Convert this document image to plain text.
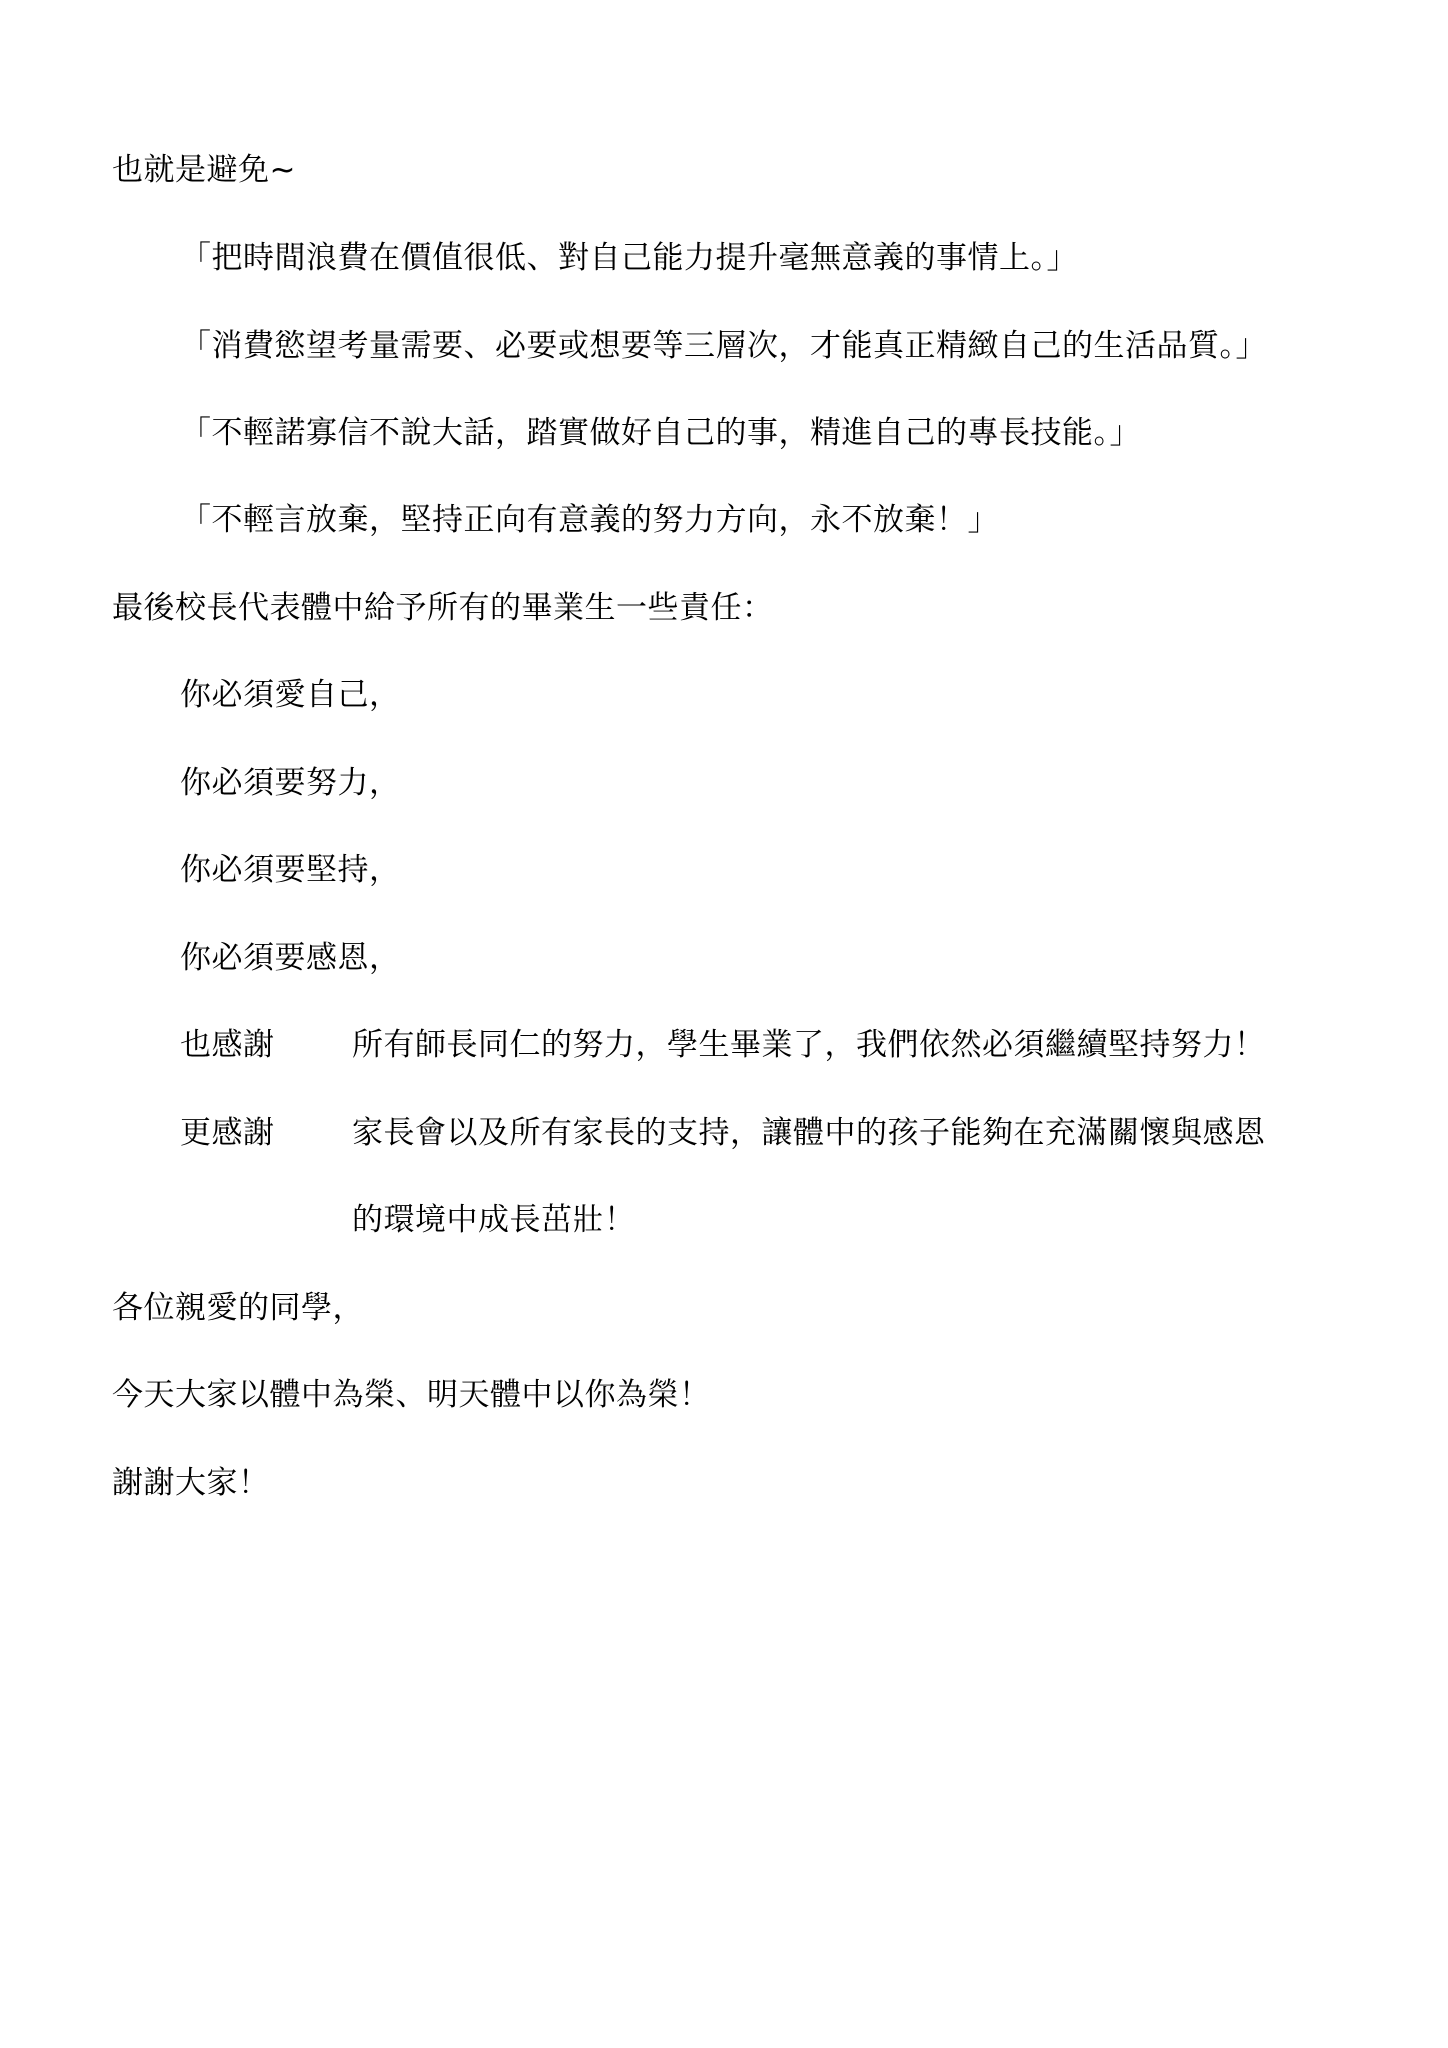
也就是避免~
「把時間浪費在價值很低、對自己能力提升毫無意義的事情上。」
「消費慾望考量需要、必要或想要等三層次，才能真正精緻自己的生活品質。」
「不輕諾寡信不說大話，踏實做好自己的事，精進自己的專長技能。」
「不輕言放棄，堅持正向有意義的努力方向，永不放棄！」
最後校長代表體中給予所有的畢業生一些責任：
你必須愛自己，
你必須要努力，
你必須要堅持，
你必須要感恩，
也感謝	所有師長同仁的努力，學生畢業了，我們依然必須繼續堅持努力！
更感謝	家長會以及所有家長的支持，讓體中的孩子能夠在充滿關懷與感恩
的環境中成長茁壯！
各位親愛的同學，
今天大家以體中為榮、明天體中以你為榮！
謝謝大家！
